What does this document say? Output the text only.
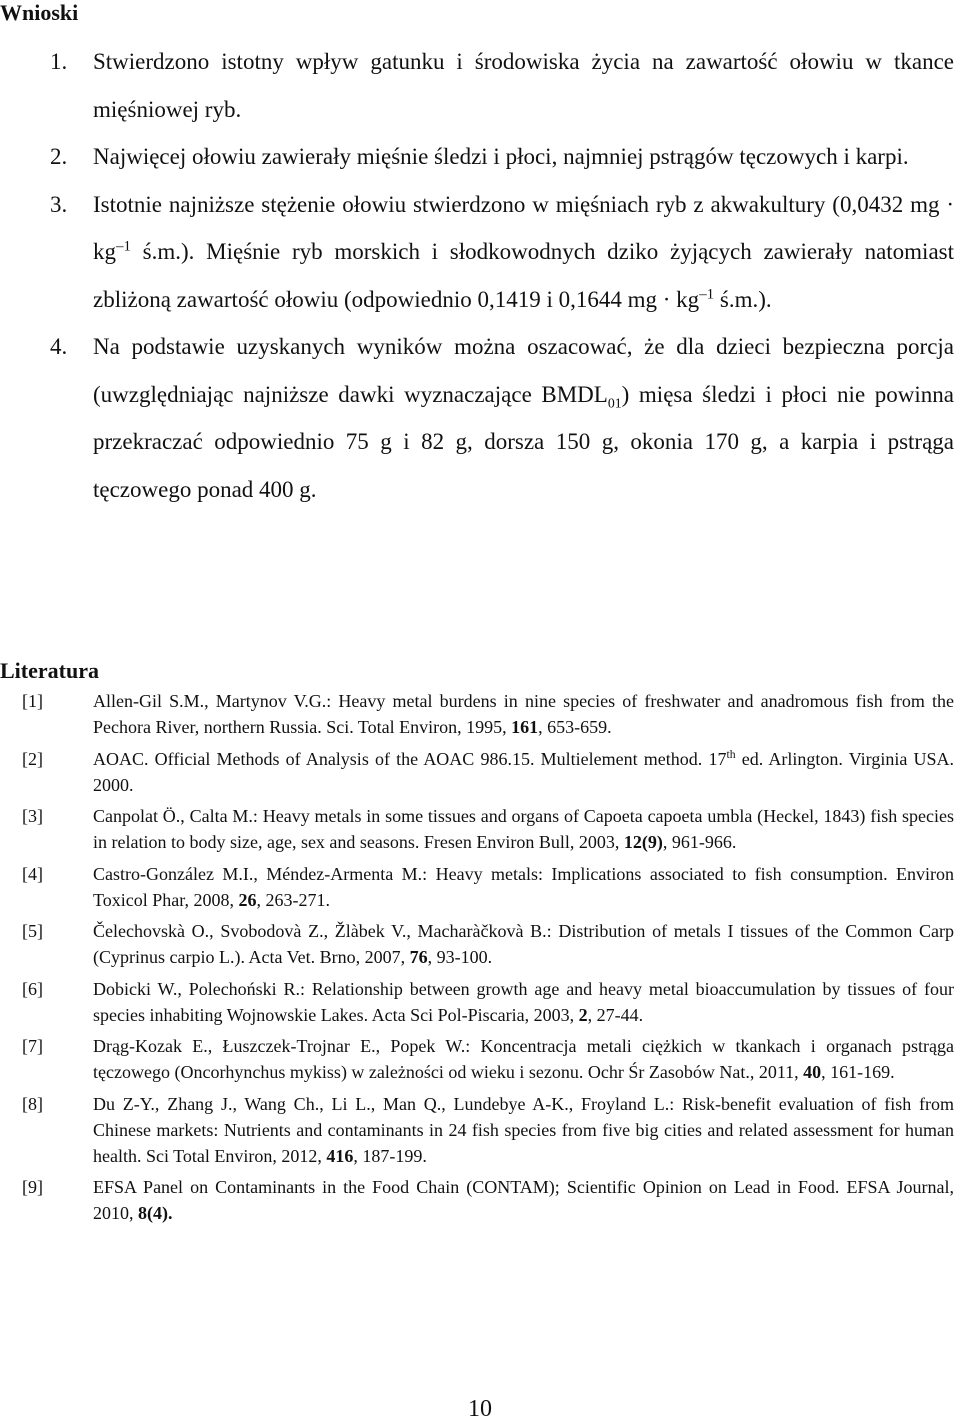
Wnioski
1. Stwierdzono istotny wpływ gatunku i środowiska życia na zawartość ołowiu w tkance mięśniowej ryb.
2. Najwięcej ołowiu zawierały mięśnie śledzi i płoci, najmniej pstrągów tęczowych i karpi.
3. Istotnie najniższe stężenie ołowiu stwierdzono w mięśniach ryb z akwakultury (0,0432 mg · $kg^{-1}$ ś.m.). Mięśnie ryb morskich i słodkowodnych dziko żyjących zawierały natomiast zbliżoną zawartość ołowiu (odpowiednio 0,1419 i 0,1644 mg · $kg^{-1}$ ś.m.).
4. Na podstawie uzyskanych wyników można oszacować, że dla dzieci bezpieczna porcja (uwzględniając najniższe dawki wyznaczające $BMDL_{01}$) mięsa śledzi i płoci nie powinna przekraczać odpowiednio 75 g i 82 g, dorsza 150 g, okonia 170 g, a karpia i pstrąga tęczowego ponad 400 g.
Literatura
[1]	Allen-Gil S.M., Martynov V.G.: Heavy metal burdens in nine species of freshwater and anadromous fish from the Pechora River, northern Russia. Sci. Total Environ, 1995, 161, 653-659.
[2]	AOAC. Official Methods of Analysis of the AOAC 986.15. Multielement method. 17th ed. Arlington. Virginia USA. 2000.
[3]	Canpolat Ö., Calta M.: Heavy metals in some tissues and organs of Capoeta capoeta umbla (Heckel, 1843) fish species in relation to body size, age, sex and seasons. Fresen Environ Bull, 2003, 12(9), 961-966.
[4]	Castro-González M.I., Méndez-Armenta M.: Heavy metals: Implications associated to fish consumption. Environ Toxicol Phar, 2008, 26, 263-271.
[5]	Čelechovskà O., Svobodovà Z., Žlàbek V., Macharàčkovà B.: Distribution of metals I tissues of the Common Carp (Cyprinus carpio L.). Acta Vet. Brno, 2007, 76, 93-100.
[6]	Dobicki W., Polechoński R.: Relationship between growth age and heavy metal bioaccumulation by tissues of four species inhabiting Wojnowskie Lakes. Acta Sci Pol-Piscaria, 2003, 2, 27-44.
[7]	Drąg-Kozak E., Łuszczek-Trojnar E., Popek W.: Koncentracja metali ciężkich w tkankach i organach pstrąga tęczowego (Oncorhynchus mykiss) w zależności od wieku i sezonu. Ochr Śr Zasobów Nat., 2011, 40, 161-169.
[8]	Du Z-Y., Zhang J., Wang Ch., Li L., Man Q., Lundebye A-K., Froyland L.: Risk-benefit evaluation of fish from Chinese markets: Nutrients and contaminants in 24 fish species from five big cities and related assessment for human health. Sci Total Environ, 2012, 416, 187-199.
[9]	EFSA Panel on Contaminants in the Food Chain (CONTAM); Scientific Opinion on Lead in Food. EFSA Journal, 2010, 8(4).
10
